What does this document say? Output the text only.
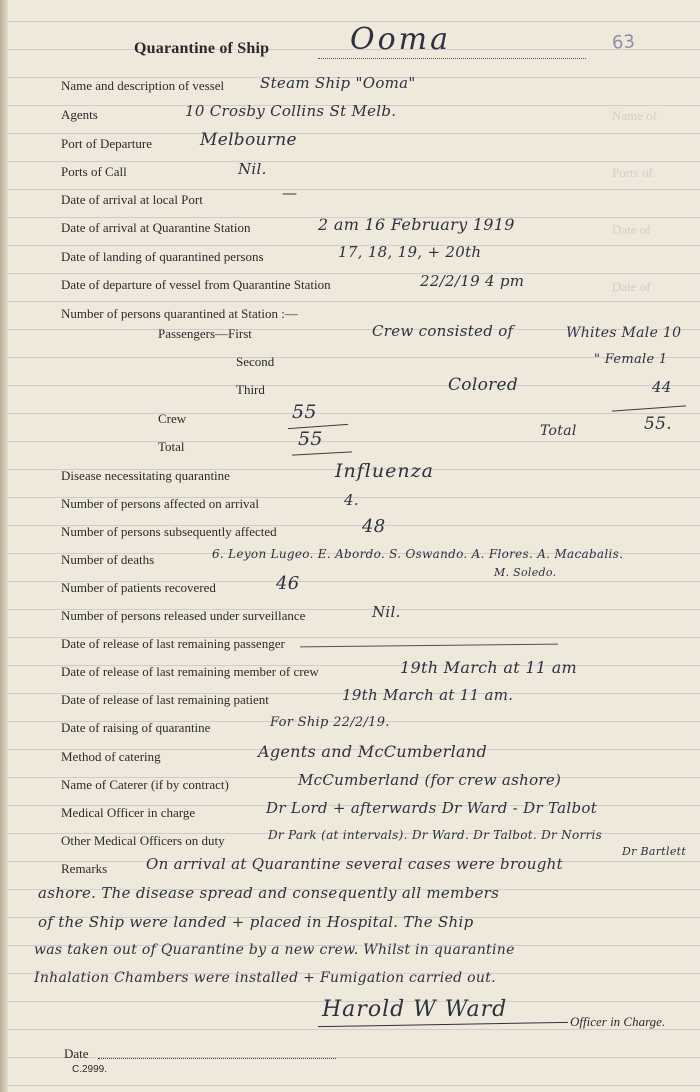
Name of
Ports of
Date of
Date of
Quarantine of Ship	Ooma	63
Name and description of vessel Steam Ship "Ooma"
Agents	10 Crosby Collins St Melb.
Port of Departure	Melbourne
Ports of Call	Nil.
Date of arrival at local Port	—
Date of arrival at Quarantine Station	2 am 16 February 1919
Date of landing of quarantined persons	17, 18, 19, + 20th
Date of departure of vessel from Quarantine Station	22/2/19 4 pm
Number of persons quarantined at Station :—
Passengers—First	Crew consisted of	Whites Male 10
Second	" Female 1
Third	Colored	44
Crew	55
Total	55	Total	55.
Disease necessitating quarantine	Influenza
Number of persons affected on arrival	4.
Number of persons subsequently affected	48
Number of deaths	6. Leyon Lugeo. E. Abordo. S. Oswando. A. Flores. A. Macabalis.
M. Soledo.
Number of patients recovered	46
Number of persons released under surveillance	Nil.
Date of release of last remaining passenger
Date of release of last remaining member of crew	19th March at 11 am
Date of release of last remaining patient	19th March at 11 am.
Date of raising of quarantine	For Ship 22/2/19.
Method of catering	Agents and McCumberland
Name of Caterer (if by contract)	McCumberland (for crew ashore)
Medical Officer in charge	Dr Lord + afterwards Dr Ward - Dr Talbot
Other Medical Officers on duty	Dr Park (at intervals). Dr Ward. Dr Talbot. Dr Norris
Dr Bartlett
Remarks	On arrival at Quarantine several cases were brought
ashore. The disease spread and consequently all members
of the Ship were landed + placed in Hospital. The Ship
was taken out of Quarantine by a new crew. Whilst in quarantine
Inhalation Chambers were installed + Fumigation carried out.
Harold W Ward	Officer in Charge.
Date
C.2999.
